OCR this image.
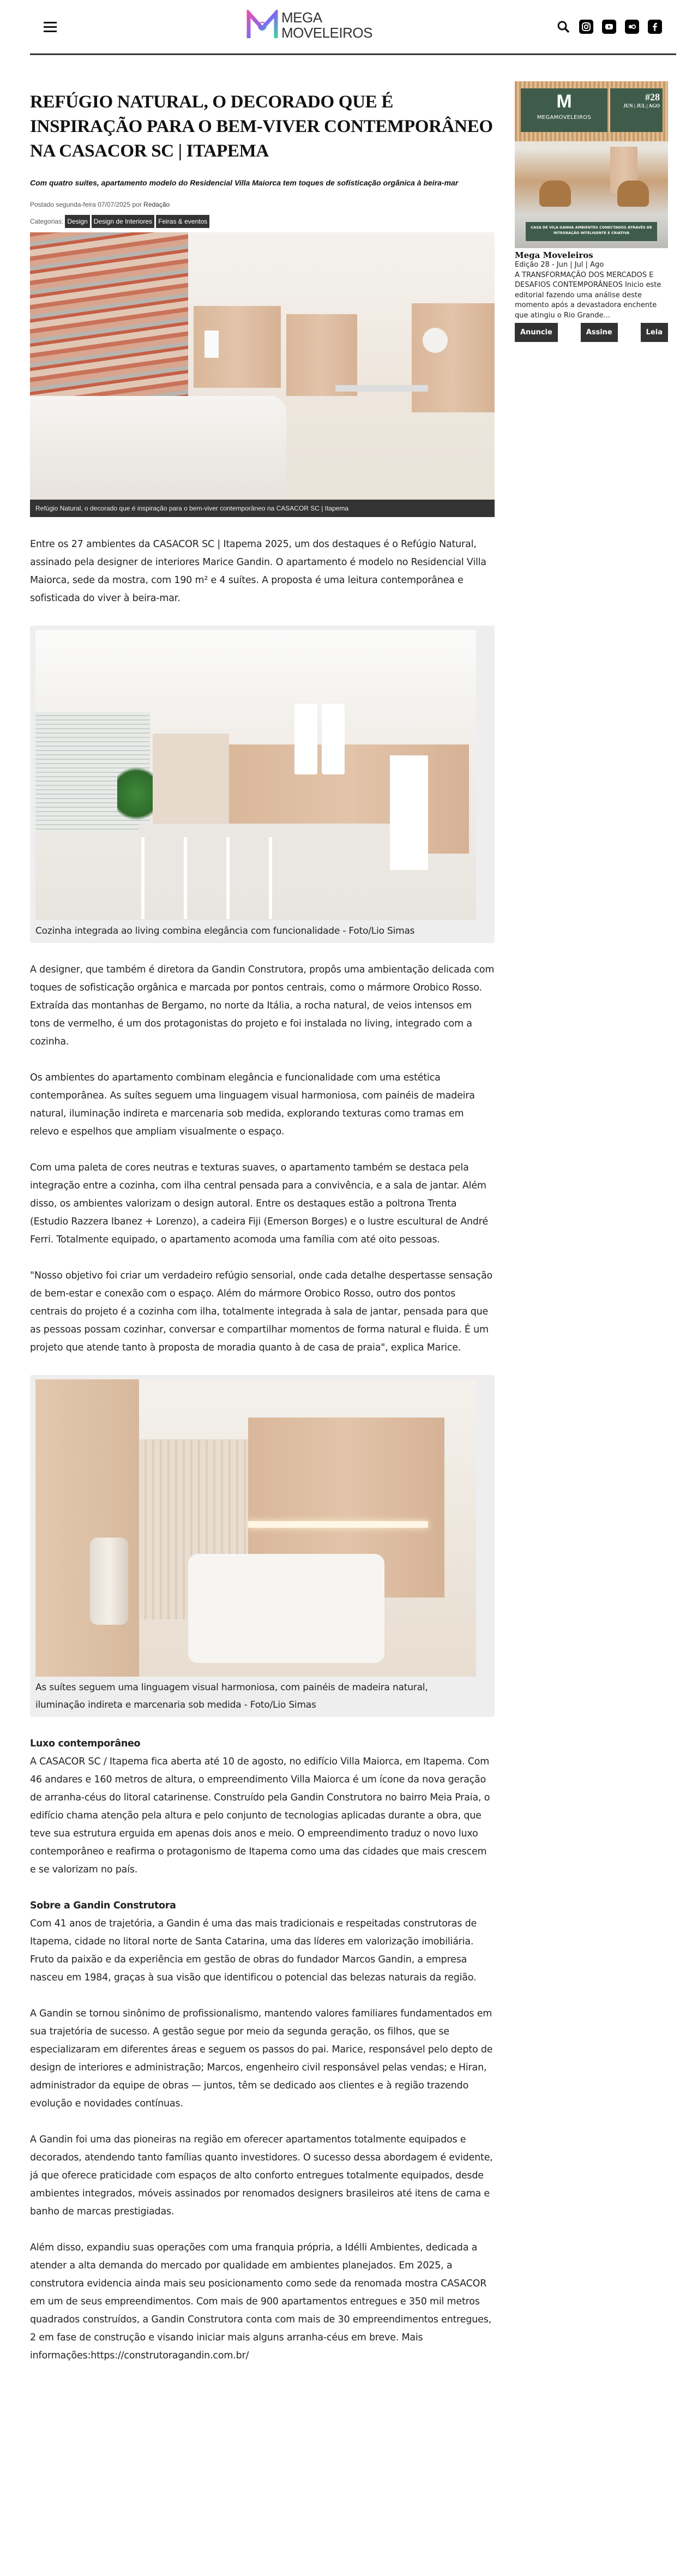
MEGA
MOVELEIROS
REFÚGIO NATURAL, O DECORADO QUE É INSPIRAÇÃO PARA O BEM-VIVER CONTEMPORÂNEO NA CASACOR SC | ITAPEMA
Com quatro suítes, apartamento modelo do Residencial Villa Maiorca tem toques de sofisticação orgânica à beira-mar
Postado segunda-feira 07/07/2025 por Redação
Categorias: Design Design de Interiores Feiras & eventos
Refúgio Natural, o decorado que é inspiração para o bem-viver contemporâneo na CASACOR SC | Itapema

Entre os 27 ambientes da CASACOR SC | Itapema 2025, um dos destaques é o Refúgio Natural, assinado pela designer de interiores Marice Gandin. O apartamento é modelo no Residencial Villa Maiorca, sede da mostra, com 190 m² e 4 suítes. A proposta é uma leitura contemporânea e sofisticada do viver à beira-mar.

Cozinha integrada ao living combina elegância com funcionalidade - Foto/Lio Simas

A designer, que também é diretora da Gandin Construtora, propôs uma ambientação delicada com toques de sofisticação orgânica e marcada por pontos centrais, como o mármore Orobico Rosso. Extraída das montanhas de Bergamo, no norte da Itália, a rocha natural, de veios intensos em tons de vermelho, é um dos protagonistas do projeto e foi instalada no living, integrado com a cozinha.

Os ambientes do apartamento combinam elegância e funcionalidade com uma estética contemporânea. As suítes seguem uma linguagem visual harmoniosa, com painéis de madeira natural, iluminação indireta e marcenaria sob medida, explorando texturas como tramas em relevo e espelhos que ampliam visualmente o espaço.

Com uma paleta de cores neutras e texturas suaves, o apartamento também se destaca pela integração entre a cozinha, com ilha central pensada para a convivência, e a sala de jantar. Além disso, os ambientes valorizam o design autoral. Entre os destaques estão a poltrona Trenta (Estudio Razzera Ibanez + Lorenzo), a cadeira Fiji (Emerson Borges) e o lustre escultural de André Ferri. Totalmente equipado, o apartamento acomoda uma família com até oito pessoas.

"Nosso objetivo foi criar um verdadeiro refúgio sensorial, onde cada detalhe despertasse sensação de bem-estar e conexão com o espaço. Além do mármore Orobico Rosso, outro dos pontos centrais do projeto é a cozinha com ilha, totalmente integrada à sala de jantar, pensada para que as pessoas possam cozinhar, conversar e compartilhar momentos de forma natural e fluida. É um projeto que atende tanto à proposta de moradia quanto à de casa de praia", explica Marice.

As suítes seguem uma linguagem visual harmoniosa, com painéis de madeira natural, iluminação indireta e marcenaria sob medida - Foto/Lio Simas
Luxo contemporâneo

A CASACOR SC / Itapema fica aberta até 10 de agosto, no edifício Villa Maiorca, em Itapema. Com 46 andares e 160 metros de altura, o empreendimento Villa Maiorca é um ícone da nova geração de arranha-céus do litoral catarinense. Construído pela Gandin Construtora no bairro Meia Praia, o edifício chama atenção pela altura e pelo conjunto de tecnologias aplicadas durante a obra, que teve sua estrutura erguida em apenas dois anos e meio. O empreendimento traduz o novo luxo contemporâneo e reafirma o protagonismo de Itapema como uma das cidades que mais crescem e se valorizam no país.

Sobre a Gandin Construtora

Com 41 anos de trajetória, a Gandin é uma das mais tradicionais e respeitadas construtoras de Itapema, cidade no litoral norte de Santa Catarina, uma das líderes em valorização imobiliária. Fruto da paixão e da experiência em gestão de obras do fundador Marcos Gandin, a empresa nasceu em 1984, graças à sua visão que identificou o potencial das belezas naturais da região.

A Gandin se tornou sinônimo de profissionalismo, mantendo valores familiares fundamentados em sua trajetória de sucesso. A gestão segue por meio da segunda geração, os filhos, que se especializaram em diferentes áreas e seguem os passos do pai. Marice, responsável pelo depto de design de interiores e administração; Marcos, engenheiro civil responsável pelas vendas; e Hiran, administrador da equipe de obras — juntos, têm se dedicado aos clientes e à região trazendo evolução e novidades contínuas.

A Gandin foi uma das pioneiras na região em oferecer apartamentos totalmente equipados e decorados, atendendo tanto famílias quanto investidores. O sucesso dessa abordagem é evidente, já que oferece praticidade com espaços de alto conforto entregues totalmente equipados, desde ambientes integrados, móveis assinados por renomados designers brasileiros até itens de cama e banho de marcas prestigiadas.

Além disso, expandiu suas operações com uma franquia própria, a Idélli Ambientes, dedicada a atender a alta demanda do mercado por qualidade em ambientes planejados. Em 2025, a construtora evidencia ainda mais seu posicionamento como sede da renomada mostra CASACOR em um de seus empreendimentos. Com mais de 900 apartamentos entregues e 350 mil metros quadrados construídos, a Gandin Construtora conta com mais de 30 empreendimentos entregues, 2 em fase de construção e visando iniciar mais alguns arranha-céus em breve. Mais informações:https://construtoragandin.com.br/

M
MEGAMOVELEIROS
#28
JUN | JUL | AGO
CASA DE VILA GANHA AMBIENTES CONECTADOS ATRAVÉS DE INTEGRAÇÃO INTELIGENTE E CRIATIVA
Mega Moveleiros
Edição 28 - Jun | Jul | Ago
A TRANSFORMAÇÃO DOS MERCADOS E DESAFIOS CONTEMPORÂNEOS Inicio este editorial fazendo uma análise deste momento após a devastadora enchente que atingiu o Rio Grande...
Anuncie	Assine	Leia
